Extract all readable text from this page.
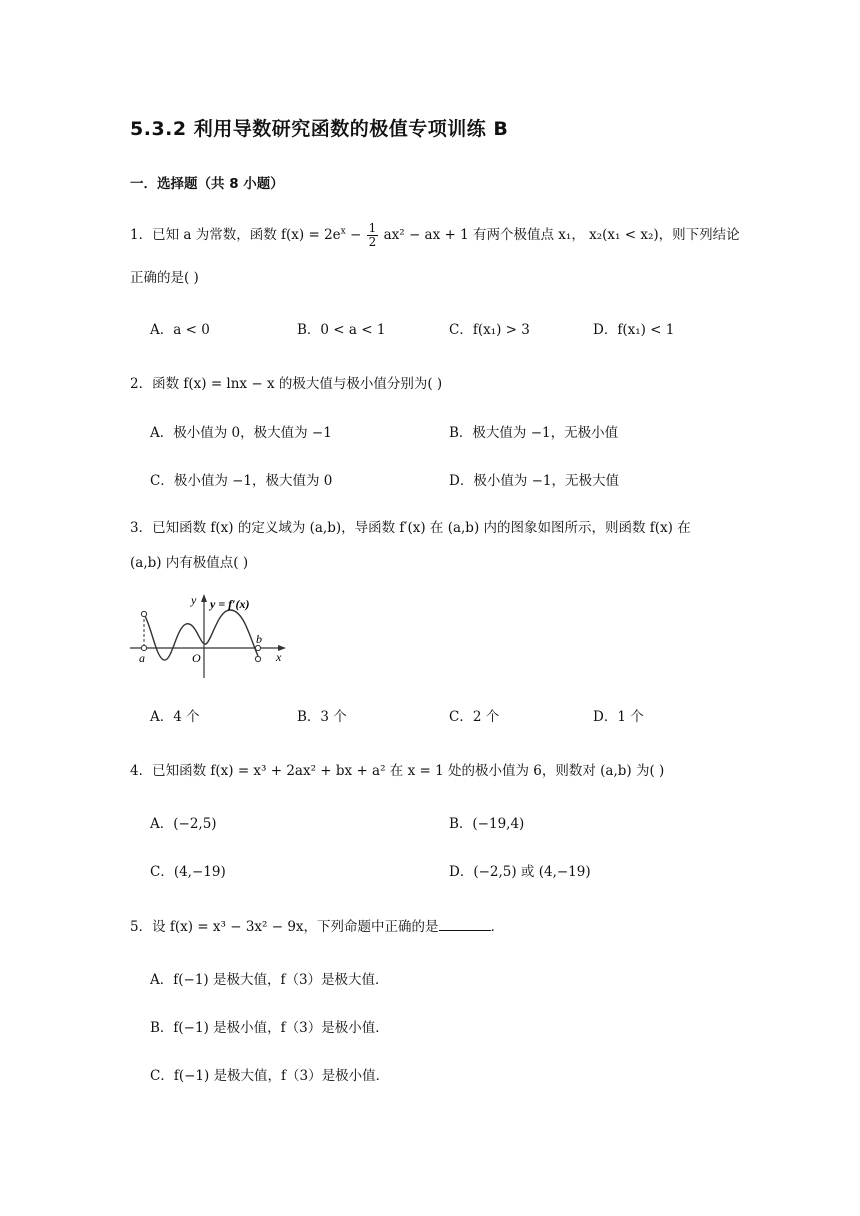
5.3.2 利用导数研究函数的极值专项训练 B
一．选择题（共 8 小题）
1．已知 a 为常数，函数 $f(x) = 2e^x - \frac{1}{2} ax^2$ − ax + 1 有两个极值点 x₁， x₂(x₁ < x₂)，则下列结论
正确的是( )
A．a < 0	B．0 < a < 1	C．f(x₁) > 3	D．f(x₁) < 1
2．函数 f(x) = lnx − x 的极大值与极小值分别为( )
A．极小值为 0，极大值为 −1	B．极大值为 −1，无极小值
C．极小值为 −1，极大值为 0	D．极小值为 −1，无极大值
3．已知函数 f(x) 的定义域为 (a,b)，导函数 f′(x) 在 (a,b) 内的图象如图所示，则函数 f(x) 在
(a,b) 内有极值点( )
y y = f′(x)
a	O
b
x
A．4 个	B．3 个	C．2 个	D．1 个
4．已知函数 f(x) = x³ + 2ax² + bx + a² 在 x = 1 处的极小值为 6，则数对 (a,b) 为( )
A．(−2,5)	B．(−19,4)
C．(4,−19)	D．(−2,5) 或 (4,−19)
5．设 f(x) = x³ − 3x² − 9x，下列命题中正确的是	．
A．f(−1) 是极大值，f（3）是极大值．
B．f(−1) 是极小值，f（3）是极小值．
C．f(−1) 是极大值，f（3）是极小值．
